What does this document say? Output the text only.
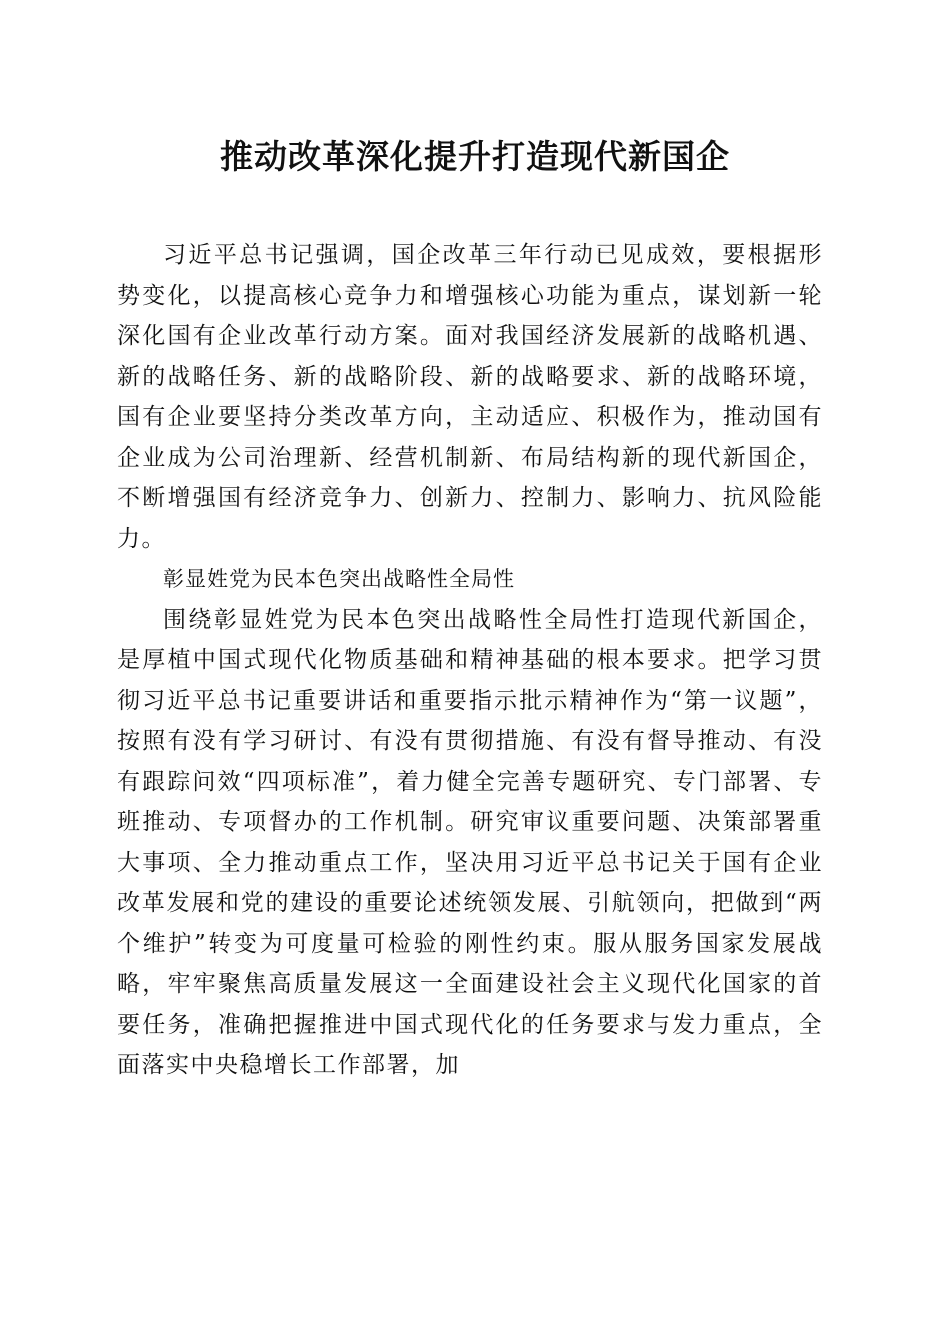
推动改革深化提升打造现代新国企

习近平总书记强调，国企改革三年行动已见成效，要根据形势变化，以提高核心竞争力和增强核心功能为重点，谋划新一轮深化国有企业改革行动方案。面对我国经济发展新的战略机遇、新的战略任务、新的战略阶段、新的战略要求、新的战略环境，国有企业要坚持分类改革方向，主动适应、积极作为，推动国有企业成为公司治理新、经营机制新、布局结构新的现代新国企，不断增强国有经济竞争力、创新力、控制力、影响力、抗风险能力。

彰显姓党为民本色突出战略性全局性

围绕彰显姓党为民本色突出战略性全局性打造现代新国企，是厚植中国式现代化物质基础和精神基础的根本要求。把学习贯彻习近平总书记重要讲话和重要指示批示精神作为“第一议题”，按照有没有学习研讨、有没有贯彻措施、有没有督导推动、有没有跟踪问效“四项标准”，着力健全完善专题研究、专门部署、专班推动、专项督办的工作机制。研究审议重要问题、决策部署重大事项、全力推动重点工作，坚决用习近平总书记关于国有企业改革发展和党的建设的重要论述统领发展、引航领向，把做到“两个维护”转变为可度量可检验的刚性约束。服从服务国家发展战略，牢牢聚焦高质量发展这一全面建设社会主义现代化国家的首要任务，准确把握推进中国式现代化的任务要求与发力重点，全面落实中央稳增长工作部署，加
